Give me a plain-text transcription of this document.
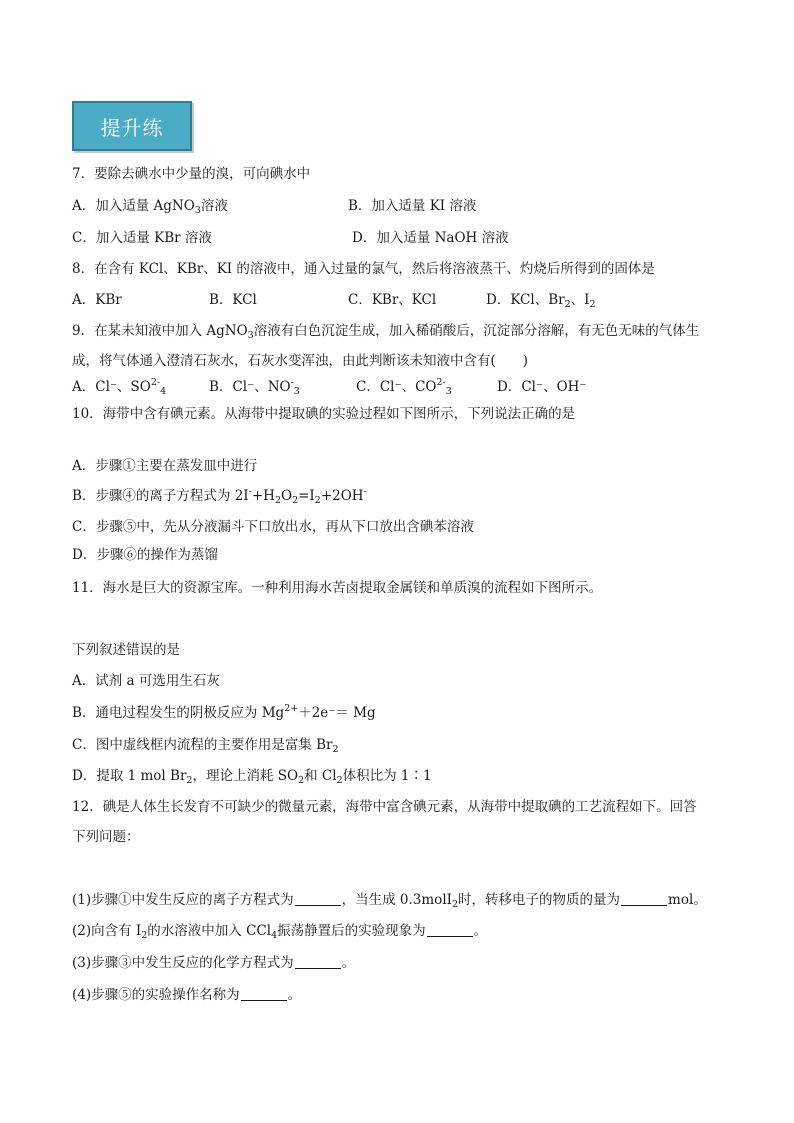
提升练
7．要除去碘水中少量的溴，可向碘水中
A．加入适量 AgNO$_3$溶液	B．加入适量 KI 溶液
C．加入适量 KBr 溶液	D．加入适量 NaOH 溶液
8．在含有 KCl、KBr、KI 的溶液中，通入过量的氯气，然后将溶液蒸干、灼烧后所得到的固体是
A．KBr	B．KCl	C．KBr、KCl	D．KCl、$Br_2$、$I_2$
9．在某未知液中加入 AgNO$_3$溶液有白色沉淀生成，加入稀硝酸后，沉淀部分溶解，有无色无味的气体生
成，将气体通入澄清石灰水，石灰水变浑浊，由此判断该未知液中含有(　　)
A．Cl⁻、$SO^{2-}_4$	B．Cl⁻、$NO^-_3$	C．Cl⁻、$CO^{2-}_3$	D．Cl⁻、OH⁻
10．海带中含有碘元素。从海带中提取碘的实验过程如下图所示，下列说法正确的是
A．步骤①主要在蒸发皿中进行
B．步骤④的离子方程式为 $2I^-+H_2O_2=I_2+2OH^-$
C．步骤⑤中，先从分液漏斗下口放出水，再从下口放出含碘苯溶液
D．步骤⑥的操作为蒸馏
11．海水是巨大的资源宝库。一种利用海水苦卤提取金属镁和单质溴的流程如下图所示。
下列叙述错误的是
A．试剂 a 可选用生石灰
B．通电过程发生的阴极反应为 $Mg^{2+}+2e^-= Mg$
C．图中虚线框内流程的主要作用是富集 $Br_2$
D．提取 1 mol $Br_2$，理论上消耗 $SO_2$和 $Cl_2$体积比为 1∶1
12．碘是人体生长发育不可缺少的微量元素，海带中富含碘元素，从海带中提取碘的工艺流程如下。回答
下列问题：
(1)步骤①中发生反应的离子方程式为	，当生成 0.3molI$_2$时，转移电子的物质的量为	mol。
(2)向含有 $I_2$的水溶液中加入 CCl$_4$振荡静置后的实验现象为	。
(3)步骤③中发生反应的化学方程式为	。
(4)步骤⑤的实验操作名称为	。
